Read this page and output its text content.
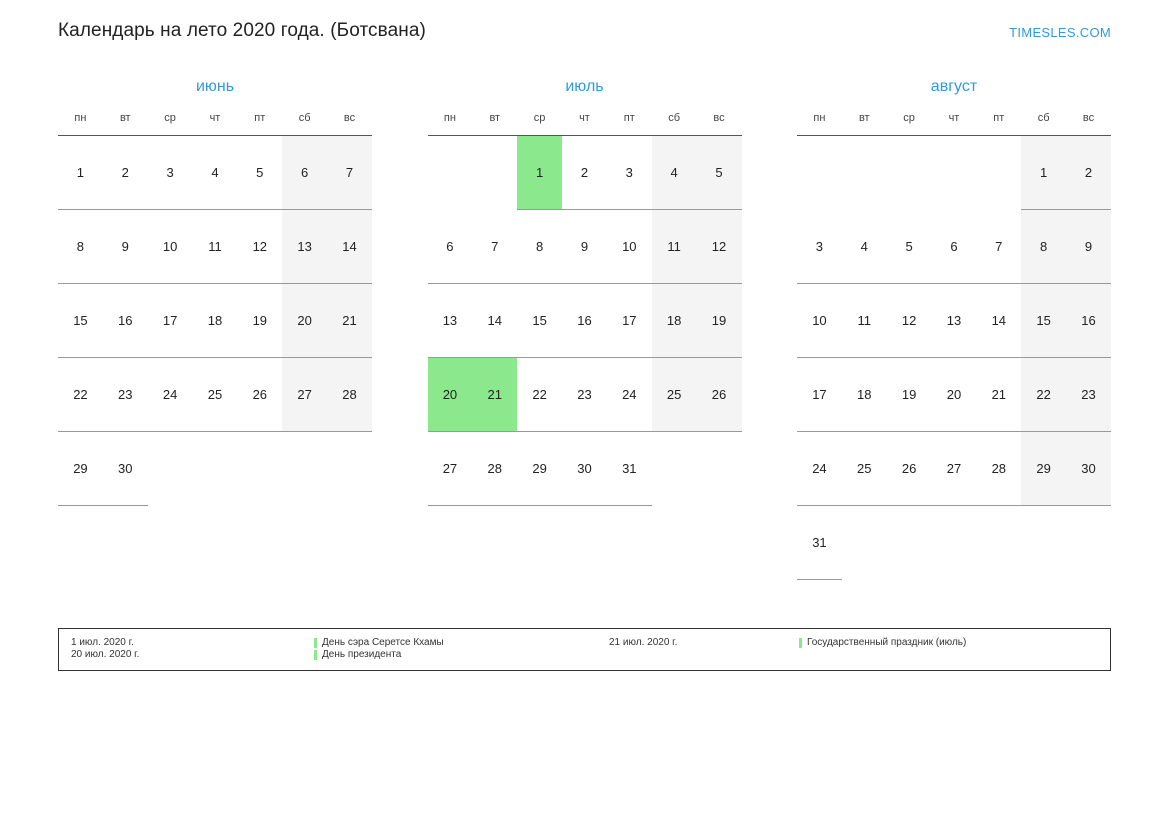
Календарь на лето 2020 года. (Ботсвана)	TIMESLES.COM
июнь
пн	вт	ср	чт	пт	сб	вс

1	2	3	4	5	6	7

8	9	10	11	12	13	14

15	16	17	18	19	20	21

22	23	24	25	26	27	28

29	30					

июль
пн	вт	ср	чт	пт	сб	вс

		1	2	3	4	5

6	7	8	9	10	11	12

13	14	15	16	17	18	19

20	21	22	23	24	25	26

27	28	29	30	31		

август
пн	вт	ср	чт	пт	сб	вс

					1	2

3	4	5	6	7	8	9

10	11	12	13	14	15	16

17	18	19	20	21	22	23

24	25	26	27	28	29	30

31						

1 июл. 2020 г.
20 июл. 2020 г.
День сэра Серетсе Кхамы
День президента
21 июл. 2020 г.	Государственный праздник (июль)
